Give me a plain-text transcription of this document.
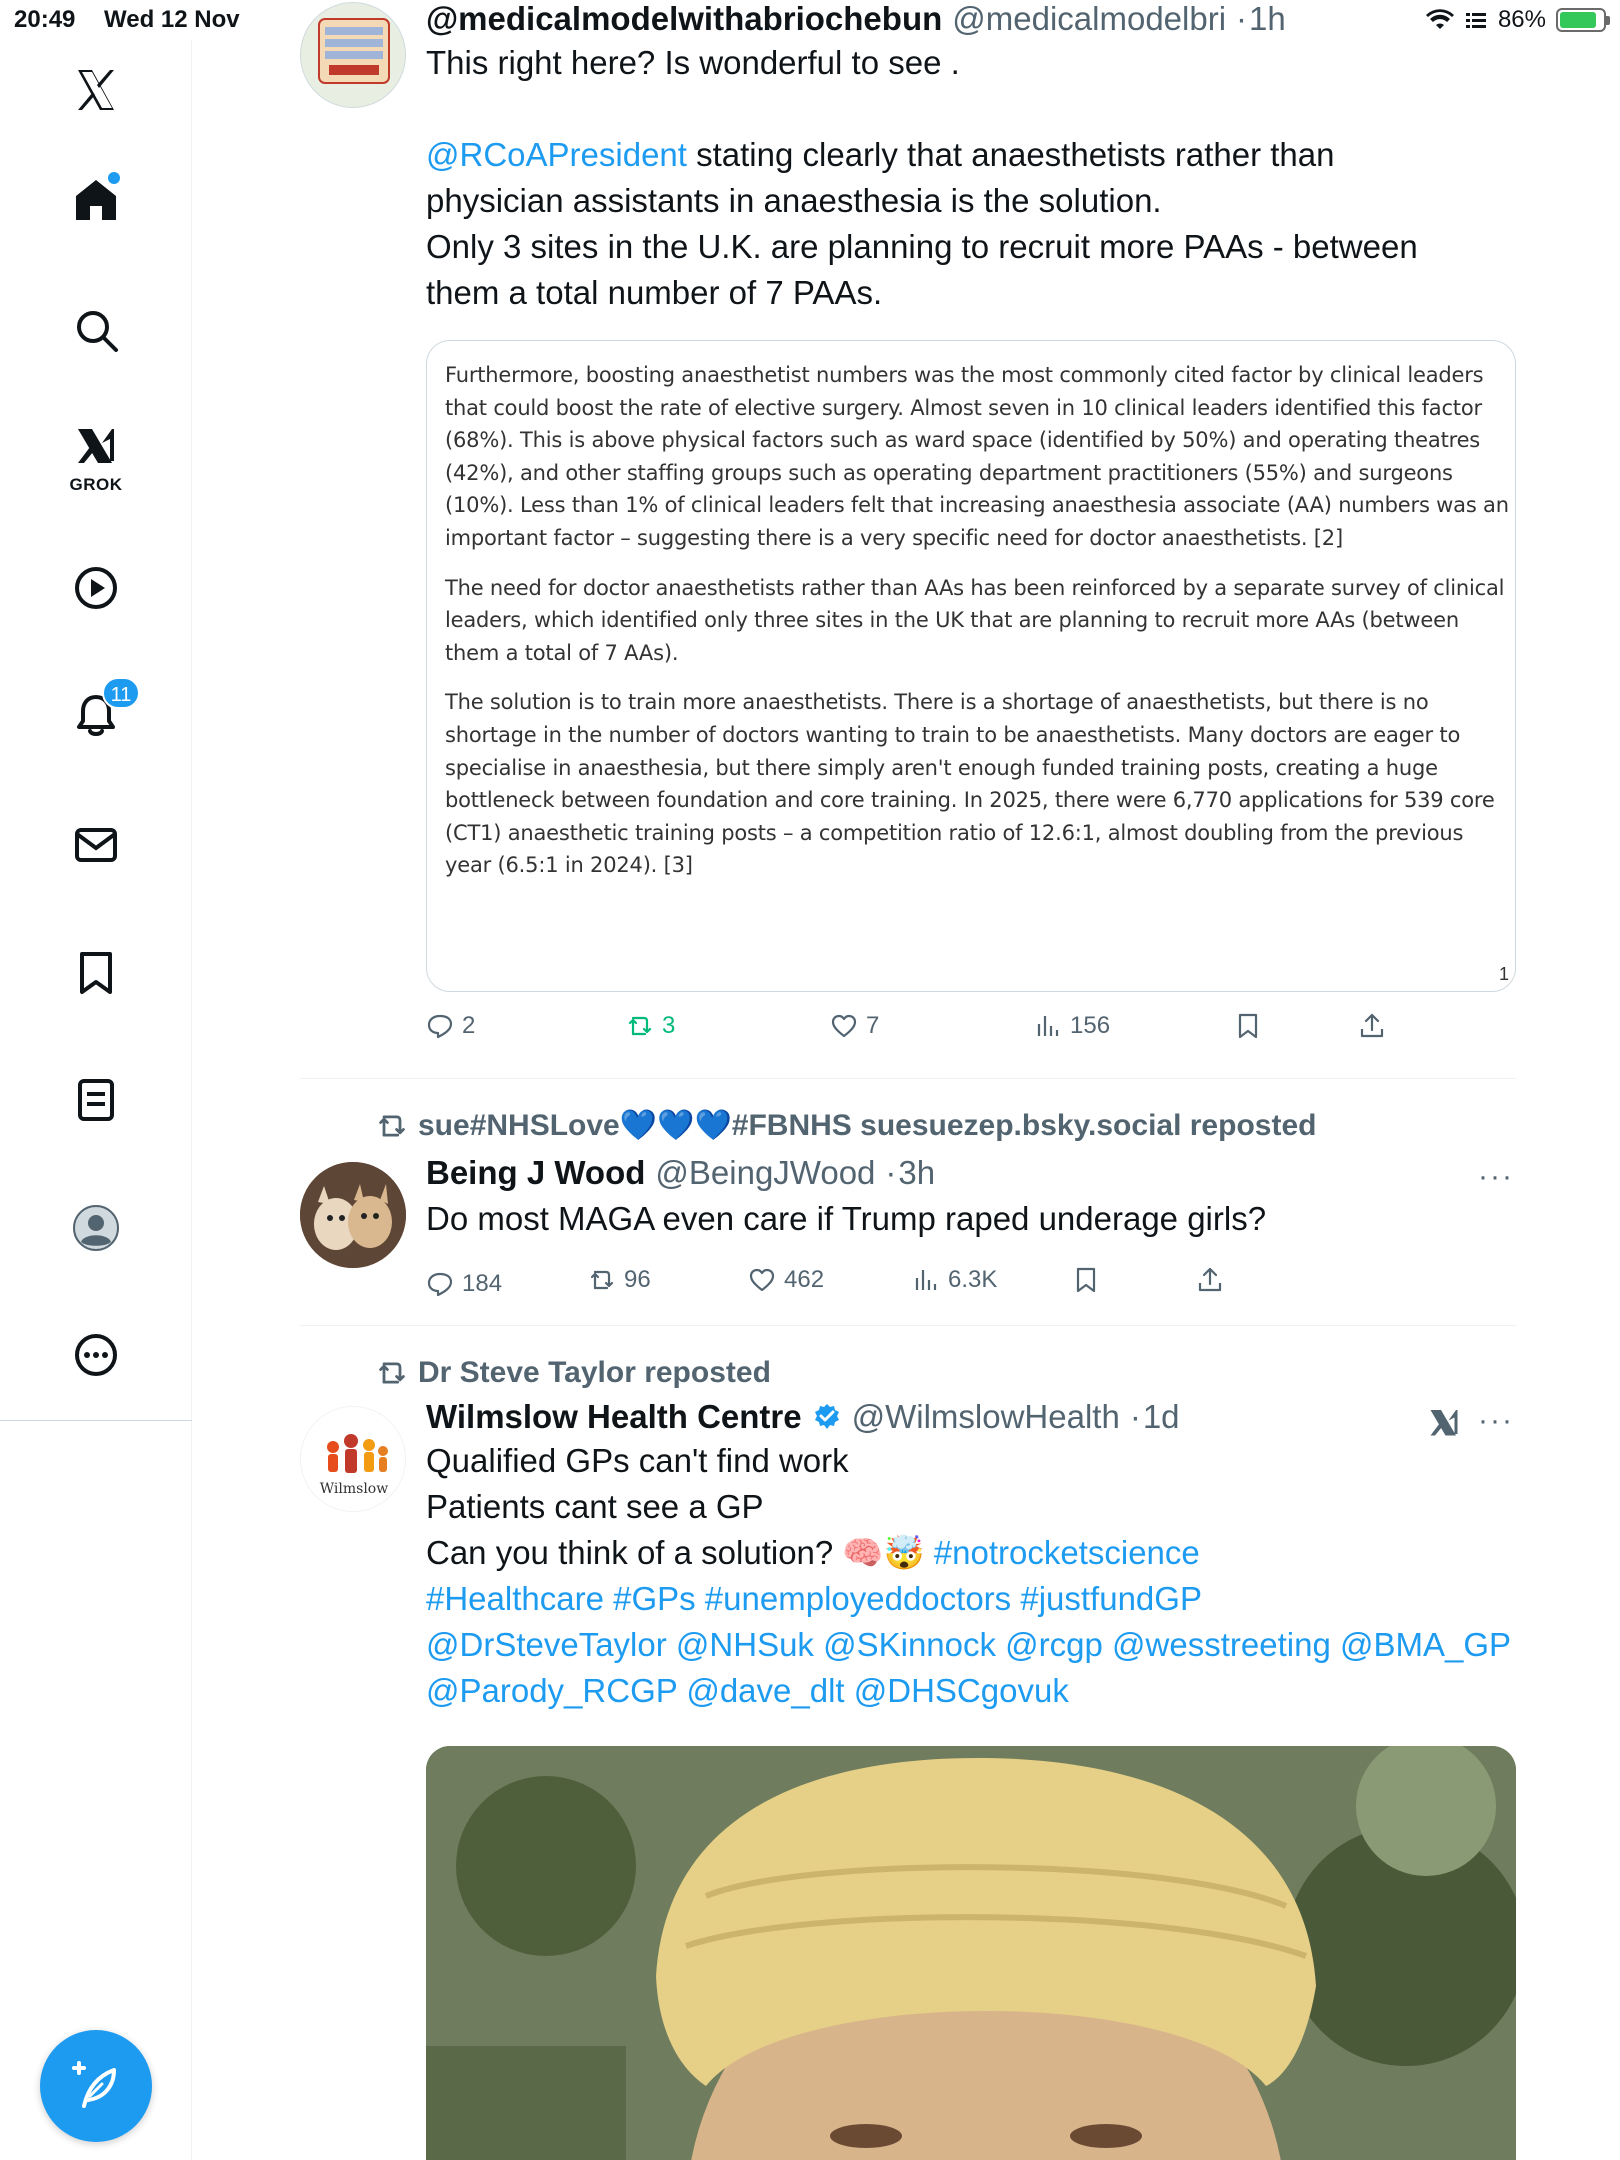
20:49 Wed 12 Nov	86%
GROK
11
@medicalmodelwithabriochebun @medicalmodelbri · 1h
This right here? Is wonderful to see .
@RCoAPresident stating clearly that anaesthetists rather than
physician assistants in anaesthesia is the solution.
Only 3 sites in the U.K. are planning to recruit more PAAs - between
them a total number of 7 PAAs.
Furthermore, boosting anaesthetist numbers was the most commonly cited factor by clinical leaders that could boost the rate of elective surgery. Almost seven in 10 clinical leaders identified this factor (68%). This is above physical factors such as ward space (identified by 50%) and operating theatres (42%), and other staffing groups such as operating department practitioners (55%) and surgeons (10%). Less than 1% of clinical leaders felt that increasing anaesthesia associate (AA) numbers was an important factor – suggesting there is a very specific need for doctor anaesthetists. [2]
The need for doctor anaesthetists rather than AAs has been reinforced by a separate survey of clinical leaders, which identified only three sites in the UK that are planning to recruit more AAs (between them a total of 7 AAs).
The solution is to train more anaesthetists. There is a shortage of anaesthetists, but there is no shortage in the number of doctors wanting to train to be anaesthetists. Many doctors are eager to specialise in anaesthesia, but there simply aren't enough funded training posts, creating a huge bottleneck between foundation and core training. In 2025, there were 6,770 applications for 539 core (CT1) anaesthetic training posts – a competition ratio of 12.6:1, almost doubling from the previous year (6.5:1 in 2024). [3]
1
2	3	7	156
sue#NHSLove💙💙💙#FBNHS suesuezep.bsky.social reposted
Being J Wood @BeingJWood · 3h
Do most MAGA even care if Trump raped underage girls?
···
184	96	462	6.3K
Dr Steve Taylor reposted
Wilmslow
Wilmslow Health Centre @WilmslowHealth · 1d
Qualified GPs can't find work
Patients cant see a GP
Can you think of a solution? 🧠🤯 #notrocketscience
#Healthcare #GPs #unemployeddoctors #justfundGP
@DrSteveTaylor @NHSuk @SKinnock @rcgp @wesstreeting @BMA_GP
@Parody_RCGP @dave_dlt @DHSCgovuk
···
